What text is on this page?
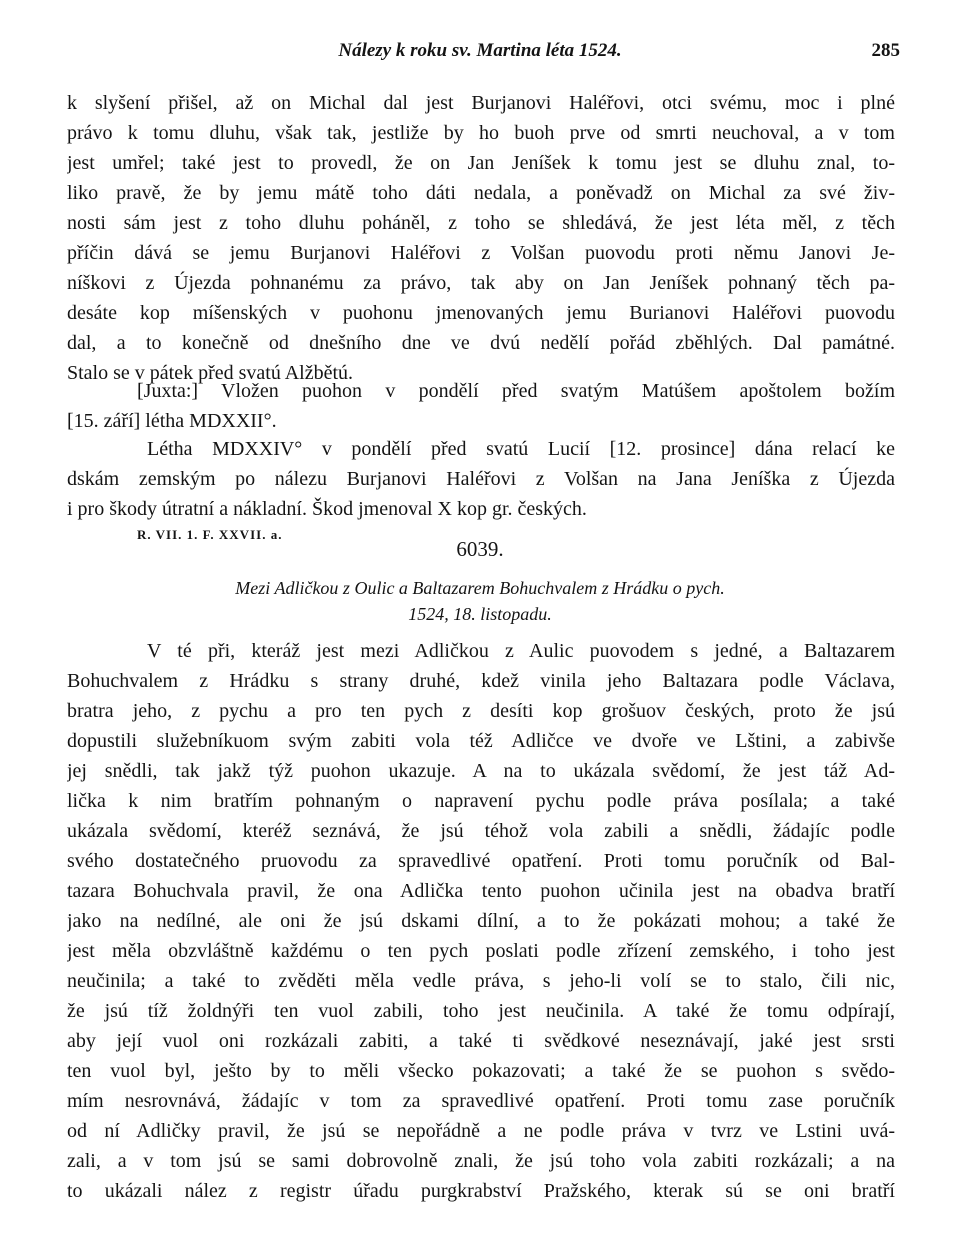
Nálezy k roku sv. Martina léta 1524.	285
k slyšení přišel, až on Michal dal jest Burjanovi Haléřovi, otci svému, moc i plné
právo k tomu dluhu, však tak, jestliže by ho buoh prve od smrti neuchoval, a v tom
jest umřel; také jest to provedl, že on Jan Jeníšek k tomu jest se dluhu znal, to-
liko pravě, že by jemu mátě toho dáti nedala, a poněvadž on Michal za své živ-
nosti sám jest z toho dluhu poháněl, z toho se shledává, že jest léta měl, z těch
příčin dává se jemu Burjanovi Haléřovi z Volšan puovodu proti němu Janovi Je-
níškovi z Újezda pohnanému za právo, tak aby on Jan Jeníšek pohnaný těch pa-
desáte kop míšenských v puohonu jmenovaných jemu Burianovi Haléřovi puovodu
dal, a to konečně od dnešního dne ve dvú nedělí pořád zběhlých. Dal památné.
Stalo se v pátek před svatú Alžbětú.
[Juxta:] Vložen puohon v pondělí před svatým Matúšem apoštolem božím
[15. září] létha MDXXII°.
Létha MDXXIV° v pondělí před svatú Lucií [12. prosince] dána relací ke
dskám zemským po nálezu Burjanovi Haléřovi z Volšan na Jana Jeníška z Újezda
i pro škody útratní a nákladní. Škod jmenoval X kop gr. českých.
R. VII. 1. F. XXVII. a.
6039.
Mezi Adličkou z Oulic a Baltazarem Bohuchvalem z Hrádku o pych.
1524, 18. listopadu.
V té při, kteráž jest mezi Adličkou z Aulic puovodem s jedné, a Baltazarem
Bohuchvalem z Hrádku s strany druhé, kdež vinila jeho Baltazara podle Václava,
bratra jeho, z pychu a pro ten pych z desíti kop grošuov českých, proto že jsú
dopustili služebníkuom svým zabiti vola též Adličce ve dvoře ve Lštini, a zabivše
jej snědli, tak jakž týž puohon ukazuje. A na to ukázala svědomí, že jest táž Ad-
lička k nim bratřím pohnaným o napravení pychu podle práva posílala; a také
ukázala svědomí, kteréž seznává, že jsú téhož vola zabili a snědli, žádajíc podle
svého dostatečného pruovodu za spravedlivé opatření. Proti tomu poručník od Bal-
tazara Bohuchvala pravil, že ona Adlička tento puohon učinila jest na obadva bratří
jako na nedílné, ale oni že jsú dskami dílní, a to že pokázati mohou; a také že
jest měla obzvláštně každému o ten pych poslati podle zřízení zemského, i toho jest
neučinila; a také to zvěděti měla vedle práva, s jeho-li volí se to stalo, čili nic,
že jsú tíž žoldnýři ten vuol zabili, toho jest neučinila. A také že tomu odpírají,
aby její vuol oni rozkázali zabiti, a také ti svědkové neseznávají, jaké jest srsti
ten vuol byl, ješto by to měli všecko pokazovati; a také že se puohon s svědo-
mím nesrovnává, žádajíc v tom za spravedlivé opatření. Proti tomu zase poručník
od ní Adličky pravil, že jsú se nepořádně a ne podle práva v tvrz ve Lstini uvá-
zali, a v tom jsú se sami dobrovolně znali, že jsú toho vola zabiti rozkázali; a na
to ukázali nález z registr úřadu purgkrabství Pražského, kterak sú se oni bratří
